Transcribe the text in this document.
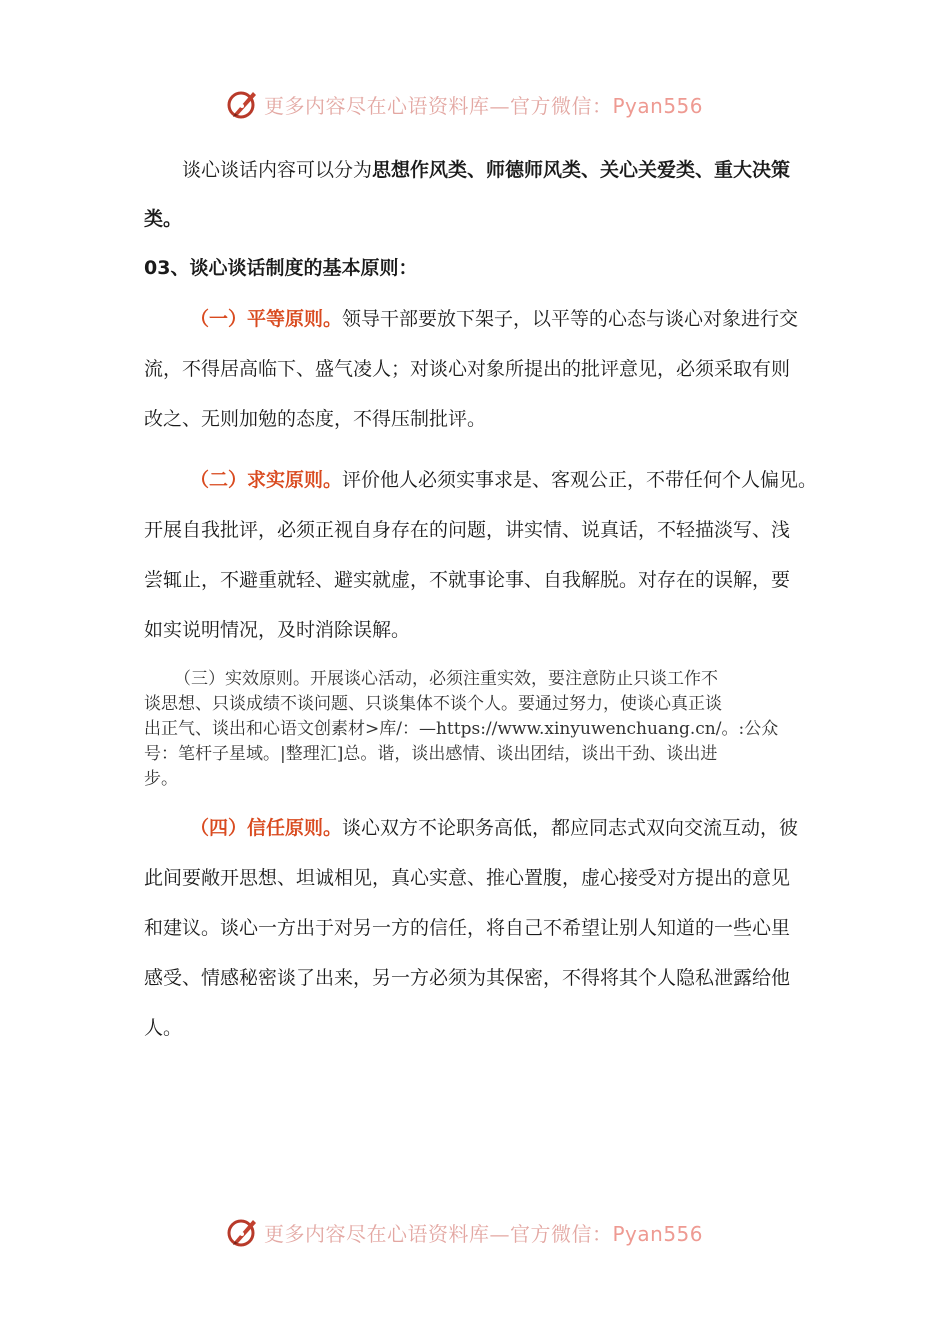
更多内容尽在心语资料库—官方微信：Pyan556

谈心谈话内容可以分为思想作风类、师德师风类、关心关爱类、重大决策

类。

03、谈心谈话制度的基本原则：

（一）平等原则。领导干部要放下架子，以平等的心态与谈心对象进行交

流，不得居高临下、盛气凌人；对谈心对象所提出的批评意见，必须采取有则

改之、无则加勉的态度，不得压制批评。

（二）求实原则。评价他人必须实事求是、客观公正，不带任何个人偏见。

开展自我批评，必须正视自身存在的问题，讲实情、说真话，不轻描淡写、浅

尝辄止，不避重就轻、避实就虚，不就事论事、自我解脱。对存在的误解，要

如实说明情况，及时消除误解。

（三）实效原则。开展谈心活动，必须注重实效，要注意防止只谈工作不

谈思想、只谈成绩不谈问题、只谈集体不谈个人。要通过努力，使谈心真正谈

出正气、谈出和心语文创素材>库/：—https://www.xinyuwenchuang.cn/。:公众

号：笔杆子星域。|整理汇]总。谐，谈出感情、谈出团结，谈出干劲、谈出进

步。

（四）信任原则。谈心双方不论职务高低，都应同志式双向交流互动，彼

此间要敞开思想、坦诚相见，真心实意、推心置腹，虚心接受对方提出的意见

和建议。谈心一方出于对另一方的信任，将自己不希望让别人知道的一些心里

感受、情感秘密谈了出来，另一方必须为其保密，不得将其个人隐私泄露给他

人。

更多内容尽在心语资料库—官方微信：Pyan556
